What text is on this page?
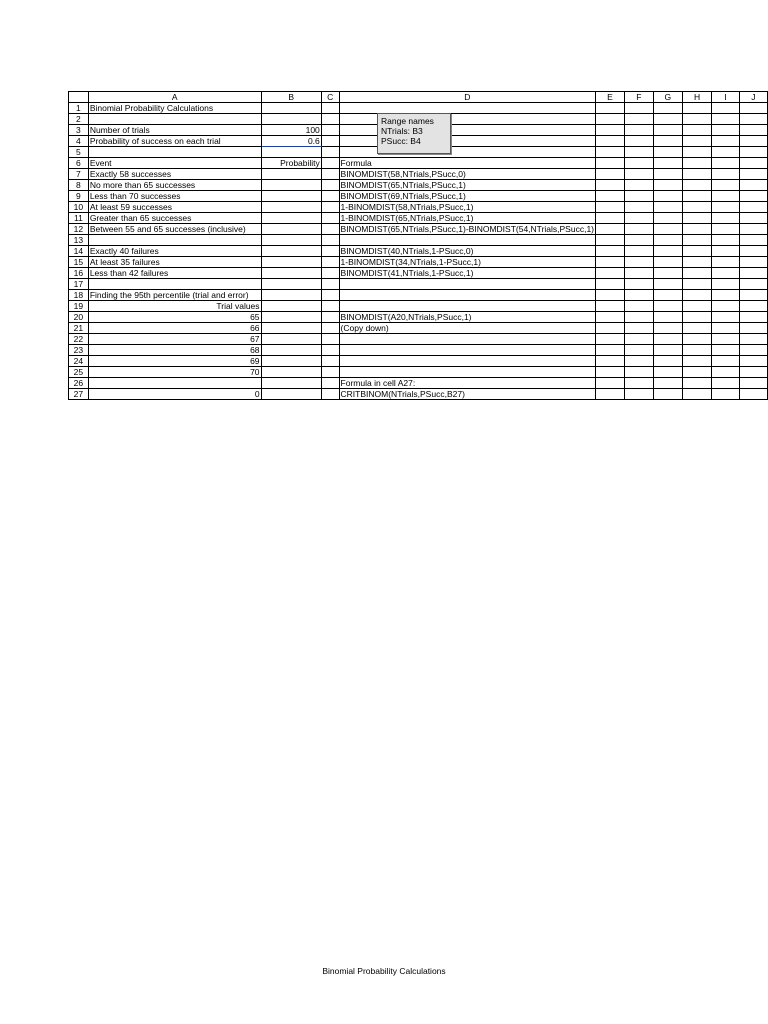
	A	B	C	D	E	F	G	H	I	J
1	Binomial Probability Calculations									
2										
3	Number of trials	100								
4	Probability of success on each trial	0.6								
5										
6	Event	Probability		Formula						
7	Exactly 58 successes			BINOMDIST(58,NTrials,PSucc,0)						
8	No more than 65 successes			BINOMDIST(65,NTrials,PSucc,1)						
9	Less than 70 successes			BINOMDIST(69,NTrials,PSucc,1)						
10	At least 59 successes			1-BINOMDIST(58,NTrials,PSucc,1)						
11	Greater than 65 successes			1-BINOMDIST(65,NTrials,PSucc,1)						
12	Between 55 and 65 successes (inclusive)			BINOMDIST(65,NTrials,PSucc,1)-BINOMDIST(54,NTrials,PSucc,1)						
13										
14	Exactly 40 failures			BINOMDIST(40,NTrials,1-PSucc,0)						
15	At least 35 failures			1-BINOMDIST(34,NTrials,1-PSucc,1)						
16	Less than 42 failures			BINOMDIST(41,NTrials,1-PSucc,1)						
17										
18	Finding the 95th percentile (trial and error)									
19	Trial values									
20	65			BINOMDIST(A20,NTrials,PSucc,1)						
21	66			(Copy down)						
22	67									
23	68									
24	69									
25	70									
26				Formula in cell A27:						
27	0			CRITBINOM(NTrials,PSucc,B27)						
Range names
NTrials: B3
PSucc: B4
Binomial Probability Calculations
